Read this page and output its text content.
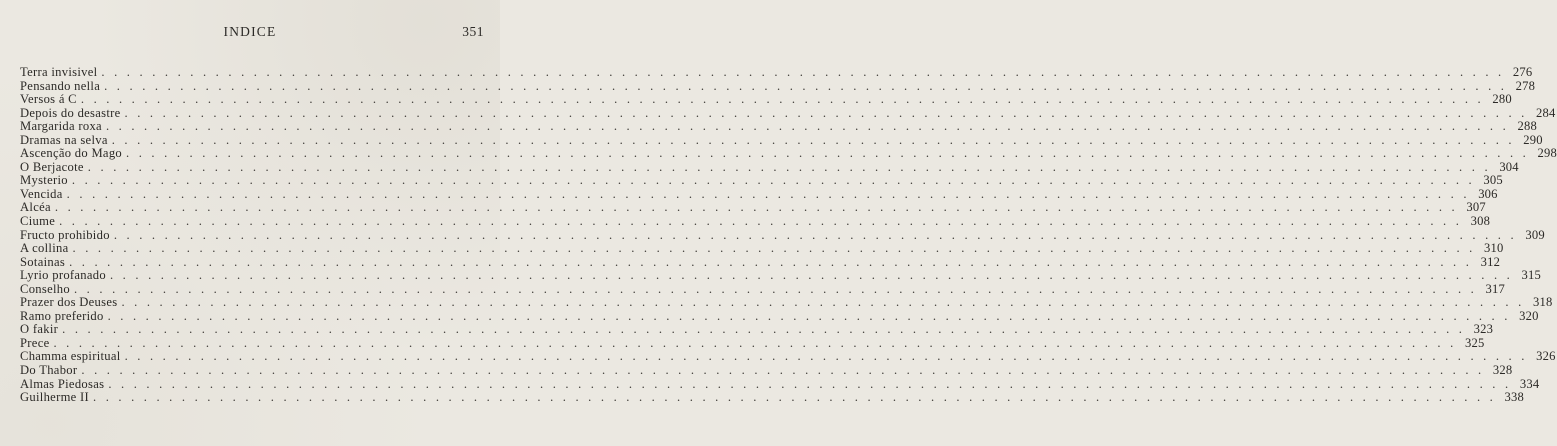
INDICE	351
Terra invisivel . . . . . . . . . . . . . . . . . . . . . . . . . . . . . . . . . . . . . . . . . . . . . . . . . . . . . . . . . . . . . . . . . . . . . . . . . . . . . . . . . . . . . . . . . . . . . . . . . . . . . . . . . . . . . . . 276
Pensando nella . . . . . . . . . . . . . . . . . . . . . . . . . . . . . . . . . . . . . . . . . . . . . . . . . . . . . . . . . . . . . . . . . . . . . . . . . . . . . . . . . . . . . . . . . . . . . . . . . . . . . . . . . . . . . . . 278
Versos á C . . . . . . . . . . . . . . . . . . . . . . . . . . . . . . . . . . . . . . . . . . . . . . . . . . . . . . . . . . . . . . . . . . . . . . . . . . . . . . . . . . . . . . . . . . . . . . . . . . . . . . . . . . . . . . . 280
Depois do desastre . . . . . . . . . . . . . . . . . . . . . . . . . . . . . . . . . . . . . . . . . . . . . . . . . . . . . . . . . . . . . . . . . . . . . . . . . . . . . . . . . . . . . . . . . . . . . . . . . . . . . . . . . . . . . . . 284
Margarida roxa . . . . . . . . . . . . . . . . . . . . . . . . . . . . . . . . . . . . . . . . . . . . . . . . . . . . . . . . . . . . . . . . . . . . . . . . . . . . . . . . . . . . . . . . . . . . . . . . . . . . . . . . . . . . . . . 288
Dramas na selva . . . . . . . . . . . . . . . . . . . . . . . . . . . . . . . . . . . . . . . . . . . . . . . . . . . . . . . . . . . . . . . . . . . . . . . . . . . . . . . . . . . . . . . . . . . . . . . . . . . . . . . . . . . . . . . 290
Ascenção do Mago . . . . . . . . . . . . . . . . . . . . . . . . . . . . . . . . . . . . . . . . . . . . . . . . . . . . . . . . . . . . . . . . . . . . . . . . . . . . . . . . . . . . . . . . . . . . . . . . . . . . . . . . . . . . . . . 298
O Berjacote . . . . . . . . . . . . . . . . . . . . . . . . . . . . . . . . . . . . . . . . . . . . . . . . . . . . . . . . . . . . . . . . . . . . . . . . . . . . . . . . . . . . . . . . . . . . . . . . . . . . . . . . . . . . . . . 304
Mysterio . . . . . . . . . . . . . . . . . . . . . . . . . . . . . . . . . . . . . . . . . . . . . . . . . . . . . . . . . . . . . . . . . . . . . . . . . . . . . . . . . . . . . . . . . . . . . . . . . . . . . . . . . . . . . . . 305
Vencida . . . . . . . . . . . . . . . . . . . . . . . . . . . . . . . . . . . . . . . . . . . . . . . . . . . . . . . . . . . . . . . . . . . . . . . . . . . . . . . . . . . . . . . . . . . . . . . . . . . . . . . . . . . . . . . 306
Alcéa . . . . . . . . . . . . . . . . . . . . . . . . . . . . . . . . . . . . . . . . . . . . . . . . . . . . . . . . . . . . . . . . . . . . . . . . . . . . . . . . . . . . . . . . . . . . . . . . . . . . . . . . . . . . . . . 307
Ciume . . . . . . . . . . . . . . . . . . . . . . . . . . . . . . . . . . . . . . . . . . . . . . . . . . . . . . . . . . . . . . . . . . . . . . . . . . . . . . . . . . . . . . . . . . . . . . . . . . . . . . . . . . . . . . . 308
Fructo prohibido . . . . . . . . . . . . . . . . . . . . . . . . . . . . . . . . . . . . . . . . . . . . . . . . . . . . . . . . . . . . . . . . . . . . . . . . . . . . . . . . . . . . . . . . . . . . . . . . . . . . . . . . . . . . . . . 309
A collina . . . . . . . . . . . . . . . . . . . . . . . . . . . . . . . . . . . . . . . . . . . . . . . . . . . . . . . . . . . . . . . . . . . . . . . . . . . . . . . . . . . . . . . . . . . . . . . . . . . . . . . . . . . . . . . 310
Sotainas . . . . . . . . . . . . . . . . . . . . . . . . . . . . . . . . . . . . . . . . . . . . . . . . . . . . . . . . . . . . . . . . . . . . . . . . . . . . . . . . . . . . . . . . . . . . . . . . . . . . . . . . . . . . . . . 312
Lyrio profanado . . . . . . . . . . . . . . . . . . . . . . . . . . . . . . . . . . . . . . . . . . . . . . . . . . . . . . . . . . . . . . . . . . . . . . . . . . . . . . . . . . . . . . . . . . . . . . . . . . . . . . . . . . . . . . . 315
Conselho . . . . . . . . . . . . . . . . . . . . . . . . . . . . . . . . . . . . . . . . . . . . . . . . . . . . . . . . . . . . . . . . . . . . . . . . . . . . . . . . . . . . . . . . . . . . . . . . . . . . . . . . . . . . . . . 317
Prazer dos Deuses . . . . . . . . . . . . . . . . . . . . . . . . . . . . . . . . . . . . . . . . . . . . . . . . . . . . . . . . . . . . . . . . . . . . . . . . . . . . . . . . . . . . . . . . . . . . . . . . . . . . . . . . . . . . . . . 318
Ramo preferido . . . . . . . . . . . . . . . . . . . . . . . . . . . . . . . . . . . . . . . . . . . . . . . . . . . . . . . . . . . . . . . . . . . . . . . . . . . . . . . . . . . . . . . . . . . . . . . . . . . . . . . . . . . . . . . 320
O fakir . . . . . . . . . . . . . . . . . . . . . . . . . . . . . . . . . . . . . . . . . . . . . . . . . . . . . . . . . . . . . . . . . . . . . . . . . . . . . . . . . . . . . . . . . . . . . . . . . . . . . . . . . . . . . . . 323
Prece . . . . . . . . . . . . . . . . . . . . . . . . . . . . . . . . . . . . . . . . . . . . . . . . . . . . . . . . . . . . . . . . . . . . . . . . . . . . . . . . . . . . . . . . . . . . . . . . . . . . . . . . . . . . . . . 325
Chamma espiritual . . . . . . . . . . . . . . . . . . . . . . . . . . . . . . . . . . . . . . . . . . . . . . . . . . . . . . . . . . . . . . . . . . . . . . . . . . . . . . . . . . . . . . . . . . . . . . . . . . . . . . . . . . . . . . . 326
Do Thabor . . . . . . . . . . . . . . . . . . . . . . . . . . . . . . . . . . . . . . . . . . . . . . . . . . . . . . . . . . . . . . . . . . . . . . . . . . . . . . . . . . . . . . . . . . . . . . . . . . . . . . . . . . . . . . . 328
Almas Piedosas . . . . . . . . . . . . . . . . . . . . . . . . . . . . . . . . . . . . . . . . . . . . . . . . . . . . . . . . . . . . . . . . . . . . . . . . . . . . . . . . . . . . . . . . . . . . . . . . . . . . . . . . . . . . . . . 334
Guilherme II . . . . . . . . . . . . . . . . . . . . . . . . . . . . . . . . . . . . . . . . . . . . . . . . . . . . . . . . . . . . . . . . . . . . . . . . . . . . . . . . . . . . . . . . . . . . . . . . . . . . . . . . . . . . . . . 338
